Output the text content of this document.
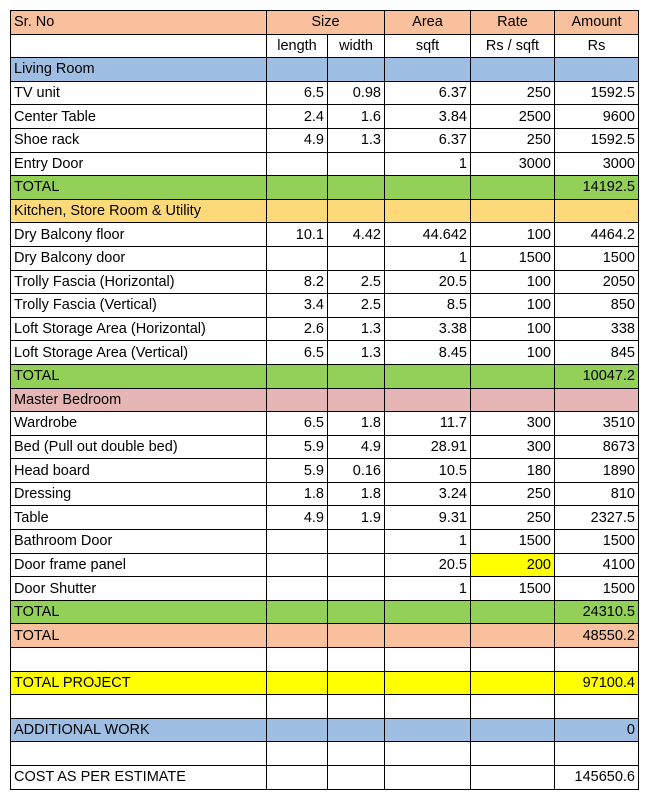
Sr. No	Size		Area	Rate	Amount
	length	width	sqft	Rs / sqft	Rs
Living Room					
TV unit	6.5	0.98	6.37	250	1592.5
Center Table	2.4	1.6	3.84	2500	9600
Shoe rack	4.9	1.3	6.37	250	1592.5
Entry Door			1	3000	3000
TOTAL					14192.5
Kitchen, Store Room & Utility					
Dry Balcony floor	10.1	4.42	44.642	100	4464.2
Dry Balcony door			1	1500	1500
Trolly Fascia (Horizontal)	8.2	2.5	20.5	100	2050
Trolly Fascia (Vertical)	3.4	2.5	8.5	100	850
Loft Storage Area (Horizontal)	2.6	1.3	3.38	100	338
Loft Storage Area (Vertical)	6.5	1.3	8.45	100	845
TOTAL					10047.2
Master Bedroom					
Wardrobe	6.5	1.8	11.7	300	3510
Bed (Pull out double bed)	5.9	4.9	28.91	300	8673
Head board	5.9	0.16	10.5	180	1890
Dressing	1.8	1.8	3.24	250	810
Table	4.9	1.9	9.31	250	2327.5
Bathroom Door			1	1500	1500
Door frame panel			20.5	200	4100
Door Shutter			1	1500	1500
TOTAL					24310.5
TOTAL					48550.2

TOTAL PROJECT					97100.4

ADDITIONAL WORK					0

COST AS PER ESTIMATE					145650.6
